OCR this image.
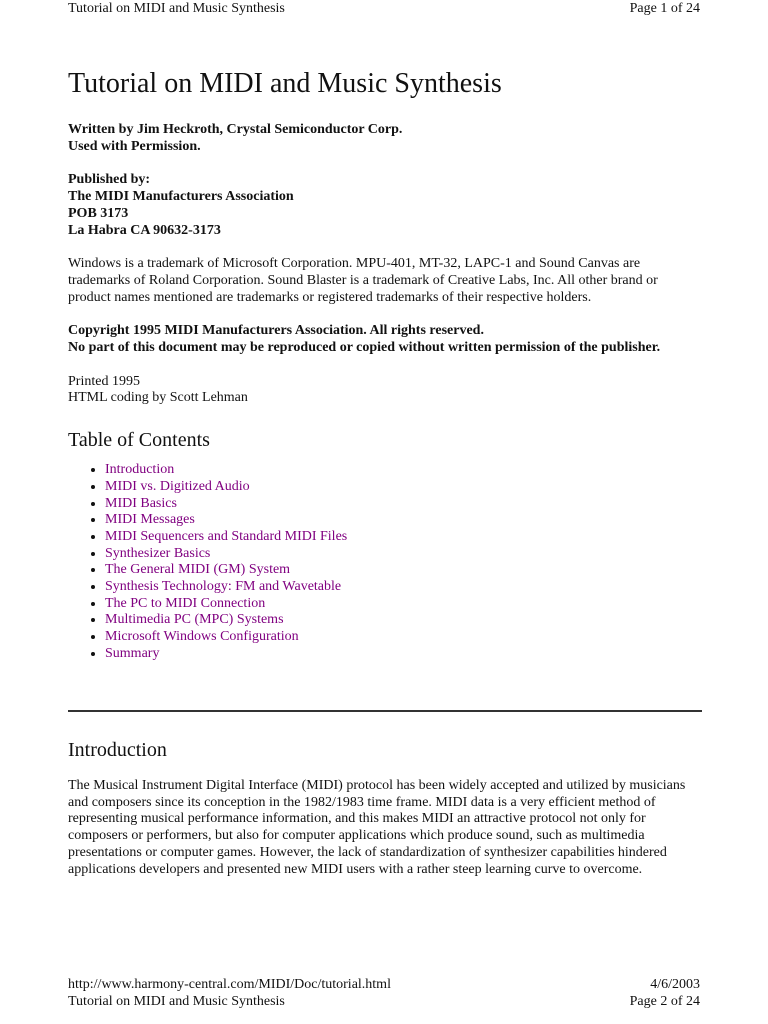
Tutorial on MIDI and Music Synthesis	Page 1 of 24
Tutorial on MIDI and Music Synthesis

Written by Jim Heckroth, Crystal Semiconductor Corp.
Used with Permission.

Published by:
The MIDI Manufacturers Association
POB 3173
La Habra CA 90632-3173

Windows is a trademark of Microsoft Corporation. MPU-401, MT-32, LAPC-1 and Sound Canvas are trademarks of Roland Corporation. Sound Blaster is a trademark of Creative Labs, Inc. All other brand or product names mentioned are trademarks or registered trademarks of their respective holders.

Copyright 1995 MIDI Manufacturers Association. All rights reserved.
No part of this document may be reproduced or copied without written permission of the publisher.

Printed 1995
HTML coding by Scott Lehman

Table of Contents
• Introduction
• MIDI vs. Digitized Audio
• MIDI Basics
• MIDI Messages
• MIDI Sequencers and Standard MIDI Files
• Synthesizer Basics
• The General MIDI (GM) System
• Synthesis Technology: FM and Wavetable
• The PC to MIDI Connection
• Multimedia PC (MPC) Systems
• Microsoft Windows Configuration
• Summary
Introduction

The Musical Instrument Digital Interface (MIDI) protocol has been widely accepted and utilized by musicians and composers since its conception in the 1982/1983 time frame. MIDI data is a very efficient method of representing musical performance information, and this makes MIDI an attractive protocol not only for composers or performers, but also for computer applications which produce sound, such as multimedia presentations or computer games. However, the lack of standardization of synthesizer capabilities hindered applications developers and presented new MIDI users with a rather steep learning curve to overcome.

http://www.harmony-central.com/MIDI/Doc/tutorial.html	4/6/2003
Tutorial on MIDI and Music Synthesis	Page 2 of 24
